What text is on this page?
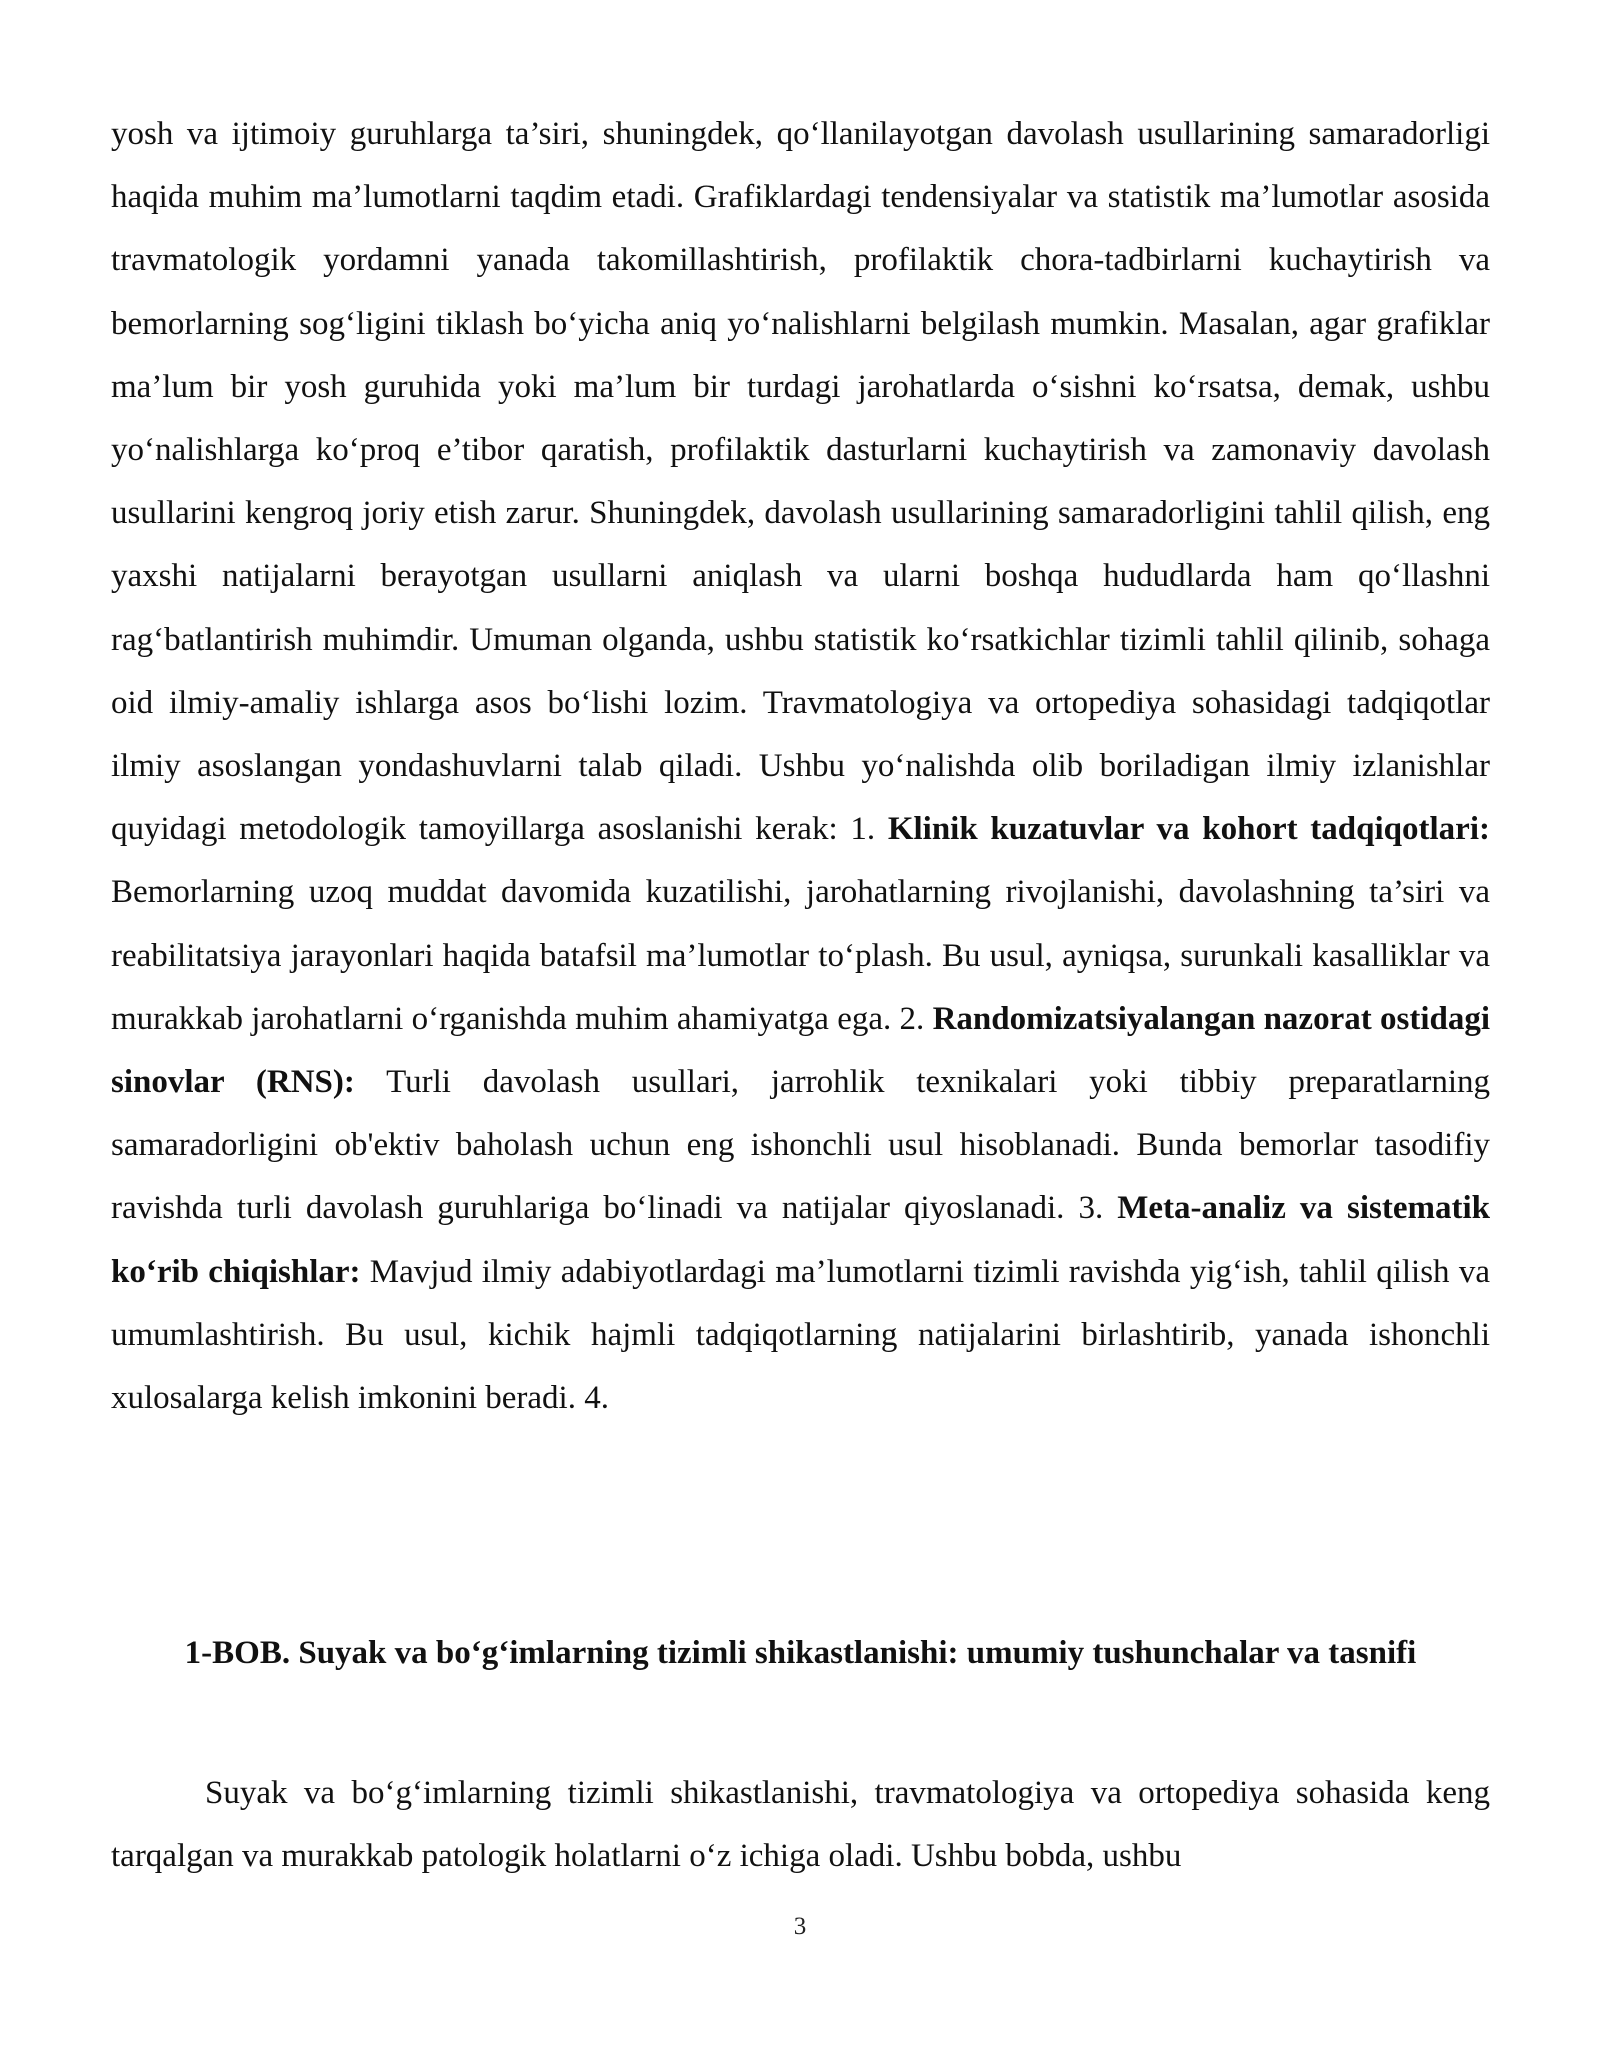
yosh va ijtimoiy guruhlarga ta’siri, shuningdek, qo‘llanilayotgan davolash usullarining samaradorligi haqida muhim ma’lumotlarni taqdim etadi. Grafiklardagi tendensiyalar va statistik ma’lumotlar asosida travmatologik yordamni yanada takomillashtirish, profilaktik chora-tadbirlarni kuchaytirish va bemorlarning sog‘ligini tiklash bo‘yicha aniq yo‘nalishlarni belgilash mumkin. Masalan, agar grafiklar ma’lum bir yosh guruhida yoki ma’lum bir turdagi jarohatlarda o‘sishni ko‘rsatsa, demak, ushbu yo‘nalishlarga ko‘proq e’tibor qaratish, profilaktik dasturlarni kuchaytirish va zamonaviy davolash usullarini kengroq joriy etish zarur. Shuningdek, davolash usullarining samaradorligini tahlil qilish, eng yaxshi natijalarni berayotgan usullarni aniqlash va ularni boshqa hududlarda ham qo‘llashni rag‘batlantirish muhimdir. Umuman olganda, ushbu statistik ko‘rsatkichlar tizimli tahlil qilinib, sohaga oid ilmiy-amaliy ishlarga asos bo‘lishi lozim. Travmatologiya va ortopediya sohasidagi tadqiqotlar ilmiy asoslangan yondashuvlarni talab qiladi. Ushbu yo‘nalishda olib boriladigan ilmiy izlanishlar quyidagi metodologik tamoyillarga asoslanishi kerak: 1. Klinik kuzatuvlar va kohort tadqiqotlari: Bemorlarning uzoq muddat davomida kuzatilishi, jarohatlarning rivojlanishi, davolashning ta’siri va reabilitatsiya jarayonlari haqida batafsil ma’lumotlar to‘plash. Bu usul, ayniqsa, surunkali kasalliklar va murakkab jarohatlarni o‘rganishda muhim ahamiyatga ega. 2. Randomizatsiyalangan nazorat ostidagi sinovlar (RNS): Turli davolash usullari, jarrohlik texnikalari yoki tibbiy preparatlarning samaradorligini ob'ektiv baholash uchun eng ishonchli usul hisoblanadi. Bunda bemorlar tasodifiy ravishda turli davolash guruhlariga bo‘linadi va natijalar qiyoslanadi. 3. Meta-analiz va sistematik ko‘rib chiqishlar: Mavjud ilmiy adabiyotlardagi ma’lumotlarni tizimli ravishda yig‘ish, tahlil qilish va umumlashtirish. Bu usul, kichik hajmli tadqiqotlarning natijalarini birlashtirib, yanada ishonchli xulosalarga kelish imkonini beradi. 4.

1-BOB. Suyak va bo‘g‘imlarning tizimli shikastlanishi: umumiy tushunchalar va tasnifi

Suyak va bo‘g‘imlarning tizimli shikastlanishi, travmatologiya va ortopediya sohasida keng tarqalgan va murakkab patologik holatlarni o‘z ichiga oladi. Ushbu bobda, ushbu

3
